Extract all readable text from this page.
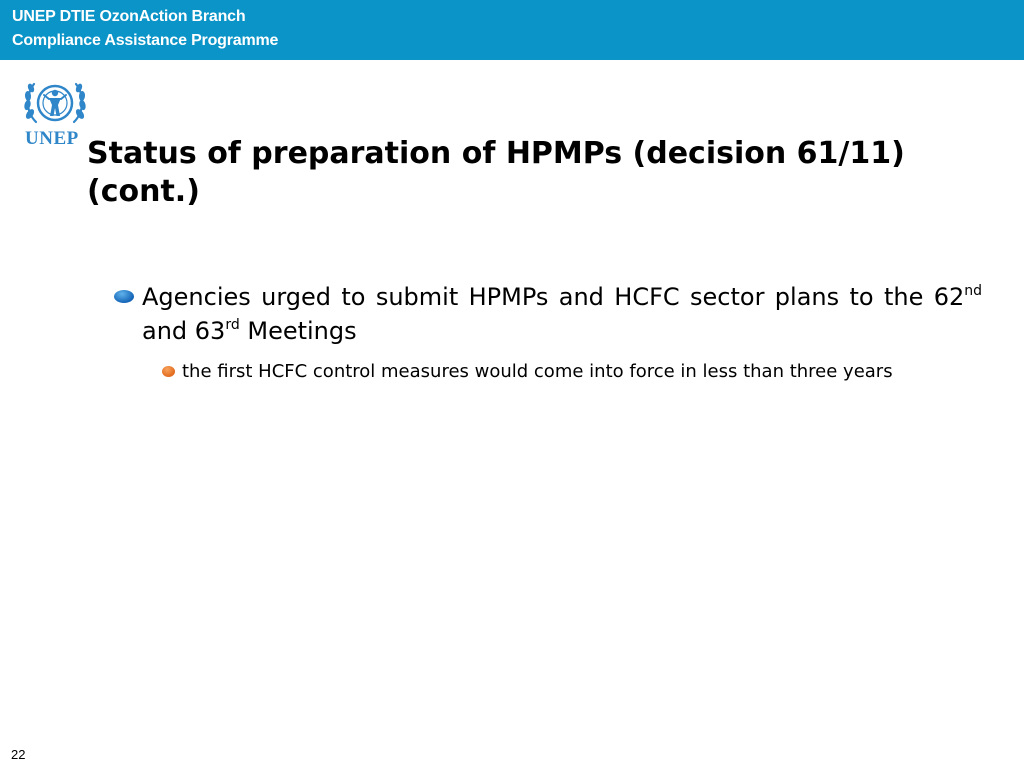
UNEP DTIE OzonAction Branch
Compliance Assistance Programme
UNEP Status of preparation of HPMPs (decision 61/11) (cont.)
Agencies urged to submit HPMPs and HCFC sector plans to the 62nd and 63rd Meetings
the first HCFC control measures would come into force in less than three years
22
